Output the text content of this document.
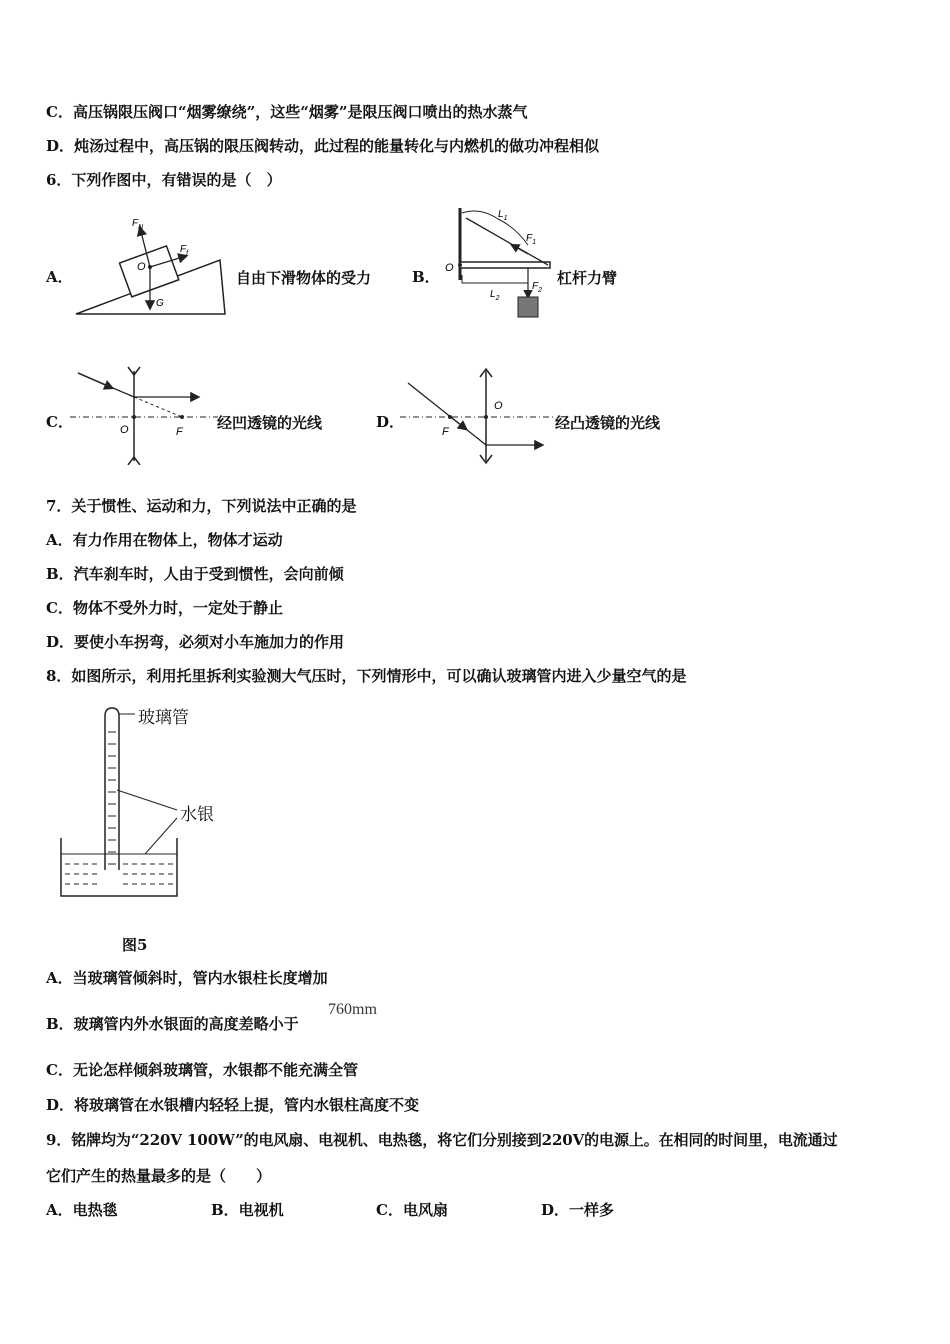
C．高压锅限压阀口“烟雾缭绕”，这些“烟雾”是限压阀口喷出的热水蒸气
D．炖汤过程中，高压锅的限压阀转动，此过程的能量转化与内燃机的做功冲程相似
6．下列作图中，有错误的是（　）
A．
$F_N$
$F_f$
O
G
自由下滑物体的受力	B． O
$L_1$
$F_1$
$L_2$
$F_2$
杠杆力臂
C．	O	F 经凹透镜的光线	D．
F
O
经凸透镜的光线
7．关于惯性、运动和力，下列说法中正确的是
A．有力作用在物体上，物体才运动
B．汽车刹车时，人由于受到惯性，会向前倾
C．物体不受外力时，一定处于静止
D．要使小车拐弯，必须对小车施加力的作用
8．如图所示，利用托里拆利实验测大气压时，下列情形中，可以确认玻璃管内进入少量空气的是
玻璃管
水银
图5
A．当玻璃管倾斜时，管内水银柱长度增加
B．玻璃管内外水银面的高度差略小于
760mm
C．无论怎样倾斜玻璃管，水银都不能充满全管
D．将玻璃管在水银槽内轻轻上提，管内水银柱高度不变
9．铭牌均为“220V 100W”的电风扇、电视机、电热毯，将它们分别接到220V的电源上。在相同的时间里，电流通过
它们产生的热量最多的是（　　）
A．电热毯	B．电视机	C．电风扇	D．一样多
